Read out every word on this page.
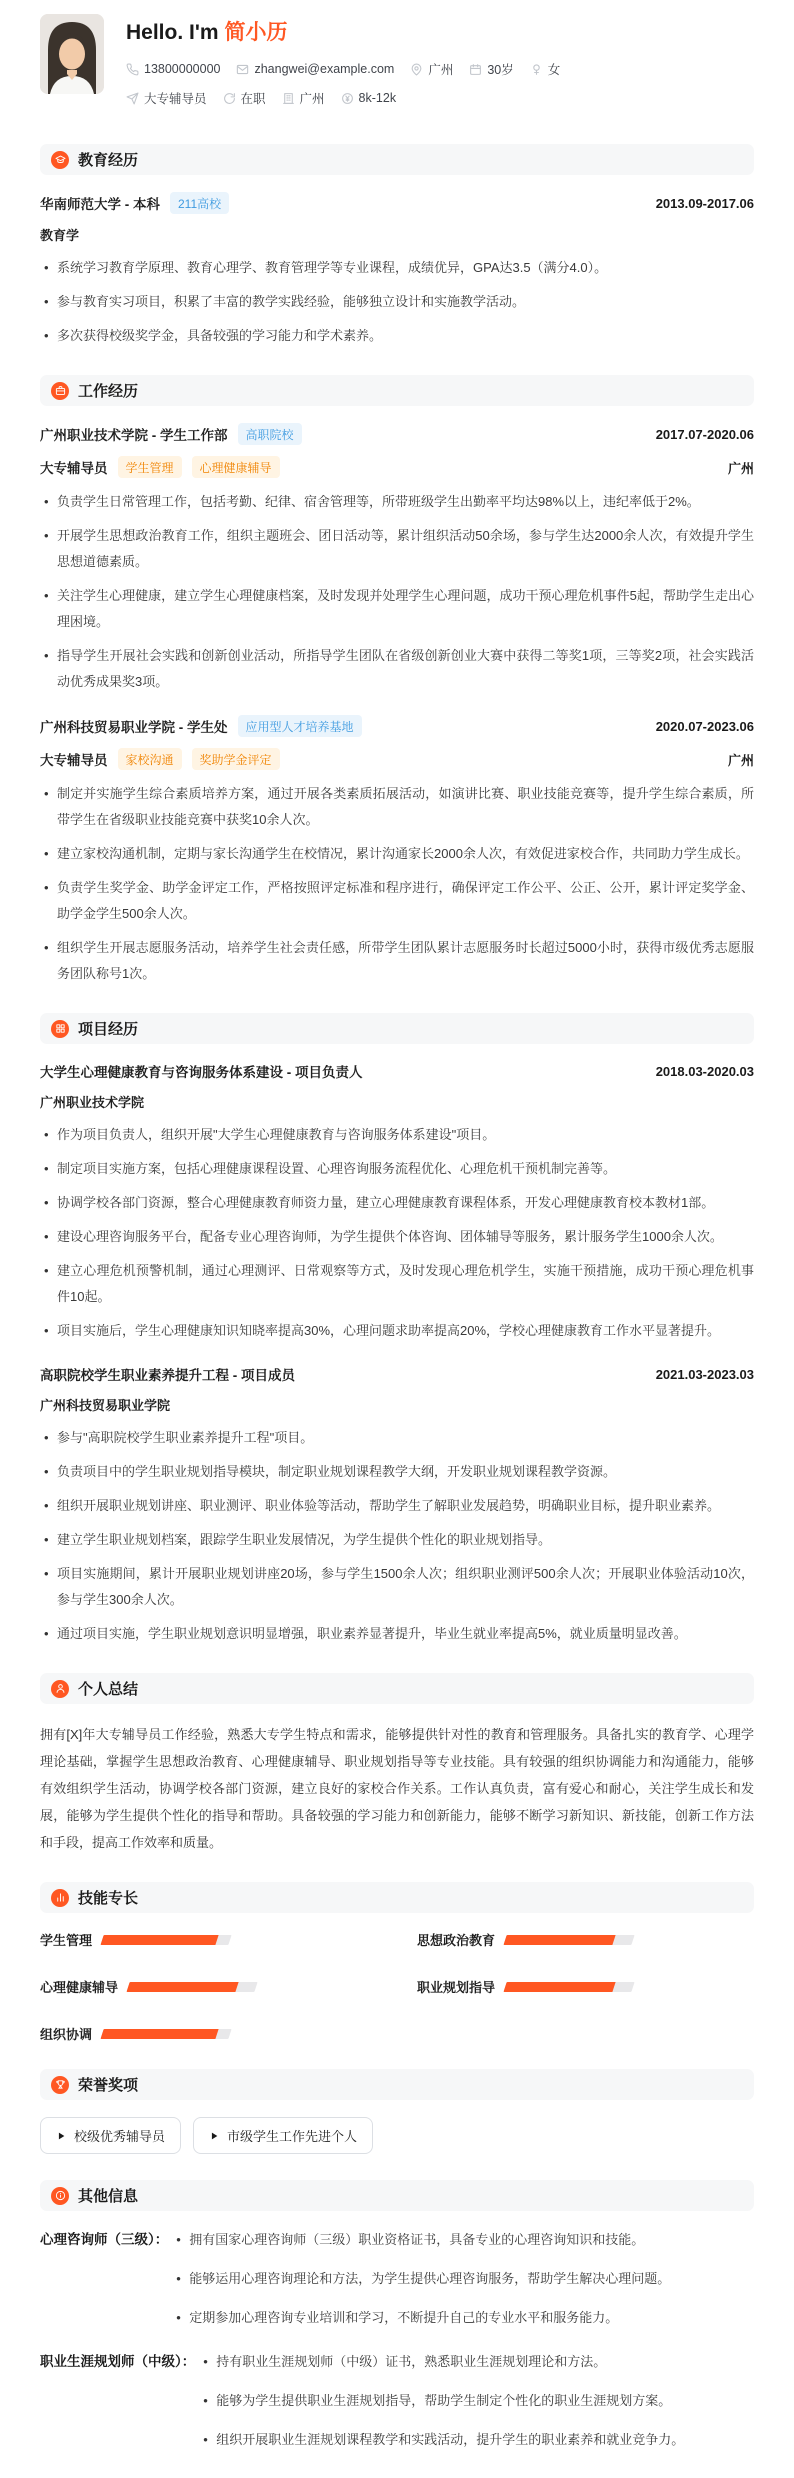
Hello. I'm 简小历
13800000000	zhangwei@example.com	广州	30岁	女
大专辅导员	在职	广州	8k-12k
教育经历
华南师范大学 - 本科	211高校	2013.09-2017.06
教育学
• 系统学习教育学原理、教育心理学、教育管理学等专业课程，成绩优异，GPA达3.5（满分4.0）。
• 参与教育实习项目，积累了丰富的教学实践经验，能够独立设计和实施教学活动。
• 多次获得校级奖学金，具备较强的学习能力和学术素养。
工作经历
广州职业技术学院 - 学生工作部	高职院校	2017.07-2020.06
大专辅导员	学生管理	心理健康辅导	广州
• 负责学生日常管理工作，包括考勤、纪律、宿舍管理等，所带班级学生出勤率平均达98%以上，违纪率低于2%。
• 开展学生思想政治教育工作，组织主题班会、团日活动等，累计组织活动50余场，参与学生达2000余人次，有效提升学生思想道德素质。
• 关注学生心理健康，建立学生心理健康档案，及时发现并处理学生心理问题，成功干预心理危机事件5起，帮助学生走出心理困境。
• 指导学生开展社会实践和创新创业活动，所指导学生团队在省级创新创业大赛中获得二等奖1项，三等奖2项，社会实践活动优秀成果奖3项。
广州科技贸易职业学院 - 学生处	应用型人才培养基地	2020.07-2023.06
大专辅导员	家校沟通	奖助学金评定	广州
• 制定并实施学生综合素质培养方案，通过开展各类素质拓展活动，如演讲比赛、职业技能竞赛等，提升学生综合素质，所带学生在省级职业技能竞赛中获奖10余人次。
• 建立家校沟通机制，定期与家长沟通学生在校情况，累计沟通家长2000余人次，有效促进家校合作，共同助力学生成长。
• 负责学生奖学金、助学金评定工作，严格按照评定标准和程序进行，确保评定工作公平、公正、公开，累计评定奖学金、助学金学生500余人次。
• 组织学生开展志愿服务活动，培养学生社会责任感，所带学生团队累计志愿服务时长超过5000小时，获得市级优秀志愿服务团队称号1次。
项目经历
大学生心理健康教育与咨询服务体系建设 - 项目负责人	2018.03-2020.03
广州职业技术学院
• 作为项目负责人，组织开展"大学生心理健康教育与咨询服务体系建设"项目。
• 制定项目实施方案，包括心理健康课程设置、心理咨询服务流程优化、心理危机干预机制完善等。
• 协调学校各部门资源，整合心理健康教育师资力量，建立心理健康教育课程体系，开发心理健康教育校本教材1部。
• 建设心理咨询服务平台，配备专业心理咨询师，为学生提供个体咨询、团体辅导等服务，累计服务学生1000余人次。
• 建立心理危机预警机制，通过心理测评、日常观察等方式，及时发现心理危机学生，实施干预措施，成功干预心理危机事件10起。
• 项目实施后，学生心理健康知识知晓率提高30%，心理问题求助率提高20%，学校心理健康教育工作水平显著提升。
高职院校学生职业素养提升工程 - 项目成员	2021.03-2023.03
广州科技贸易职业学院
• 参与"高职院校学生职业素养提升工程"项目。
• 负责项目中的学生职业规划指导模块，制定职业规划课程教学大纲，开发职业规划课程教学资源。
• 组织开展职业规划讲座、职业测评、职业体验等活动，帮助学生了解职业发展趋势，明确职业目标，提升职业素养。
• 建立学生职业规划档案，跟踪学生职业发展情况，为学生提供个性化的职业规划指导。
• 项目实施期间，累计开展职业规划讲座20场，参与学生1500余人次；组织职业测评500余人次；开展职业体验活动10次，参与学生300余人次。
• 通过项目实施，学生职业规划意识明显增强，职业素养显著提升，毕业生就业率提高5%，就业质量明显改善。
个人总结

拥有[X]年大专辅导员工作经验，熟悉大专学生特点和需求，能够提供针对性的教育和管理服务。具备扎实的教育学、心理学理论基础，掌握学生思想政治教育、心理健康辅导、职业规划指导等专业技能。具有较强的组织协调能力和沟通能力，能够有效组织学生活动，协调学校各部门资源，建立良好的家校合作关系。工作认真负责，富有爱心和耐心，关注学生成长和发展，能够为学生提供个性化的指导和帮助。具备较强的学习能力和创新能力，能够不断学习新知识、新技能，创新工作方法和手段，提高工作效率和质量。

技能专长
学生管理	思想政治教育
心理健康辅导	职业规划指导
组织协调
荣誉奖项
校级优秀辅导员	市级学生工作先进个人
其他信息
心理咨询师（三级）：	• 拥有国家心理咨询师（三级）职业资格证书，具备专业的心理咨询知识和技能。
• 能够运用心理咨询理论和方法，为学生提供心理咨询服务，帮助学生解决心理问题。
• 定期参加心理咨询专业培训和学习，不断提升自己的专业水平和服务能力。
职业生涯规划师（中级）：	• 持有职业生涯规划师（中级）证书，熟悉职业生涯规划理论和方法。
• 能够为学生提供职业生涯规划指导，帮助学生制定个性化的职业生涯规划方案。
• 组织开展职业生涯规划课程教学和实践活动，提升学生的职业素养和就业竞争力。
